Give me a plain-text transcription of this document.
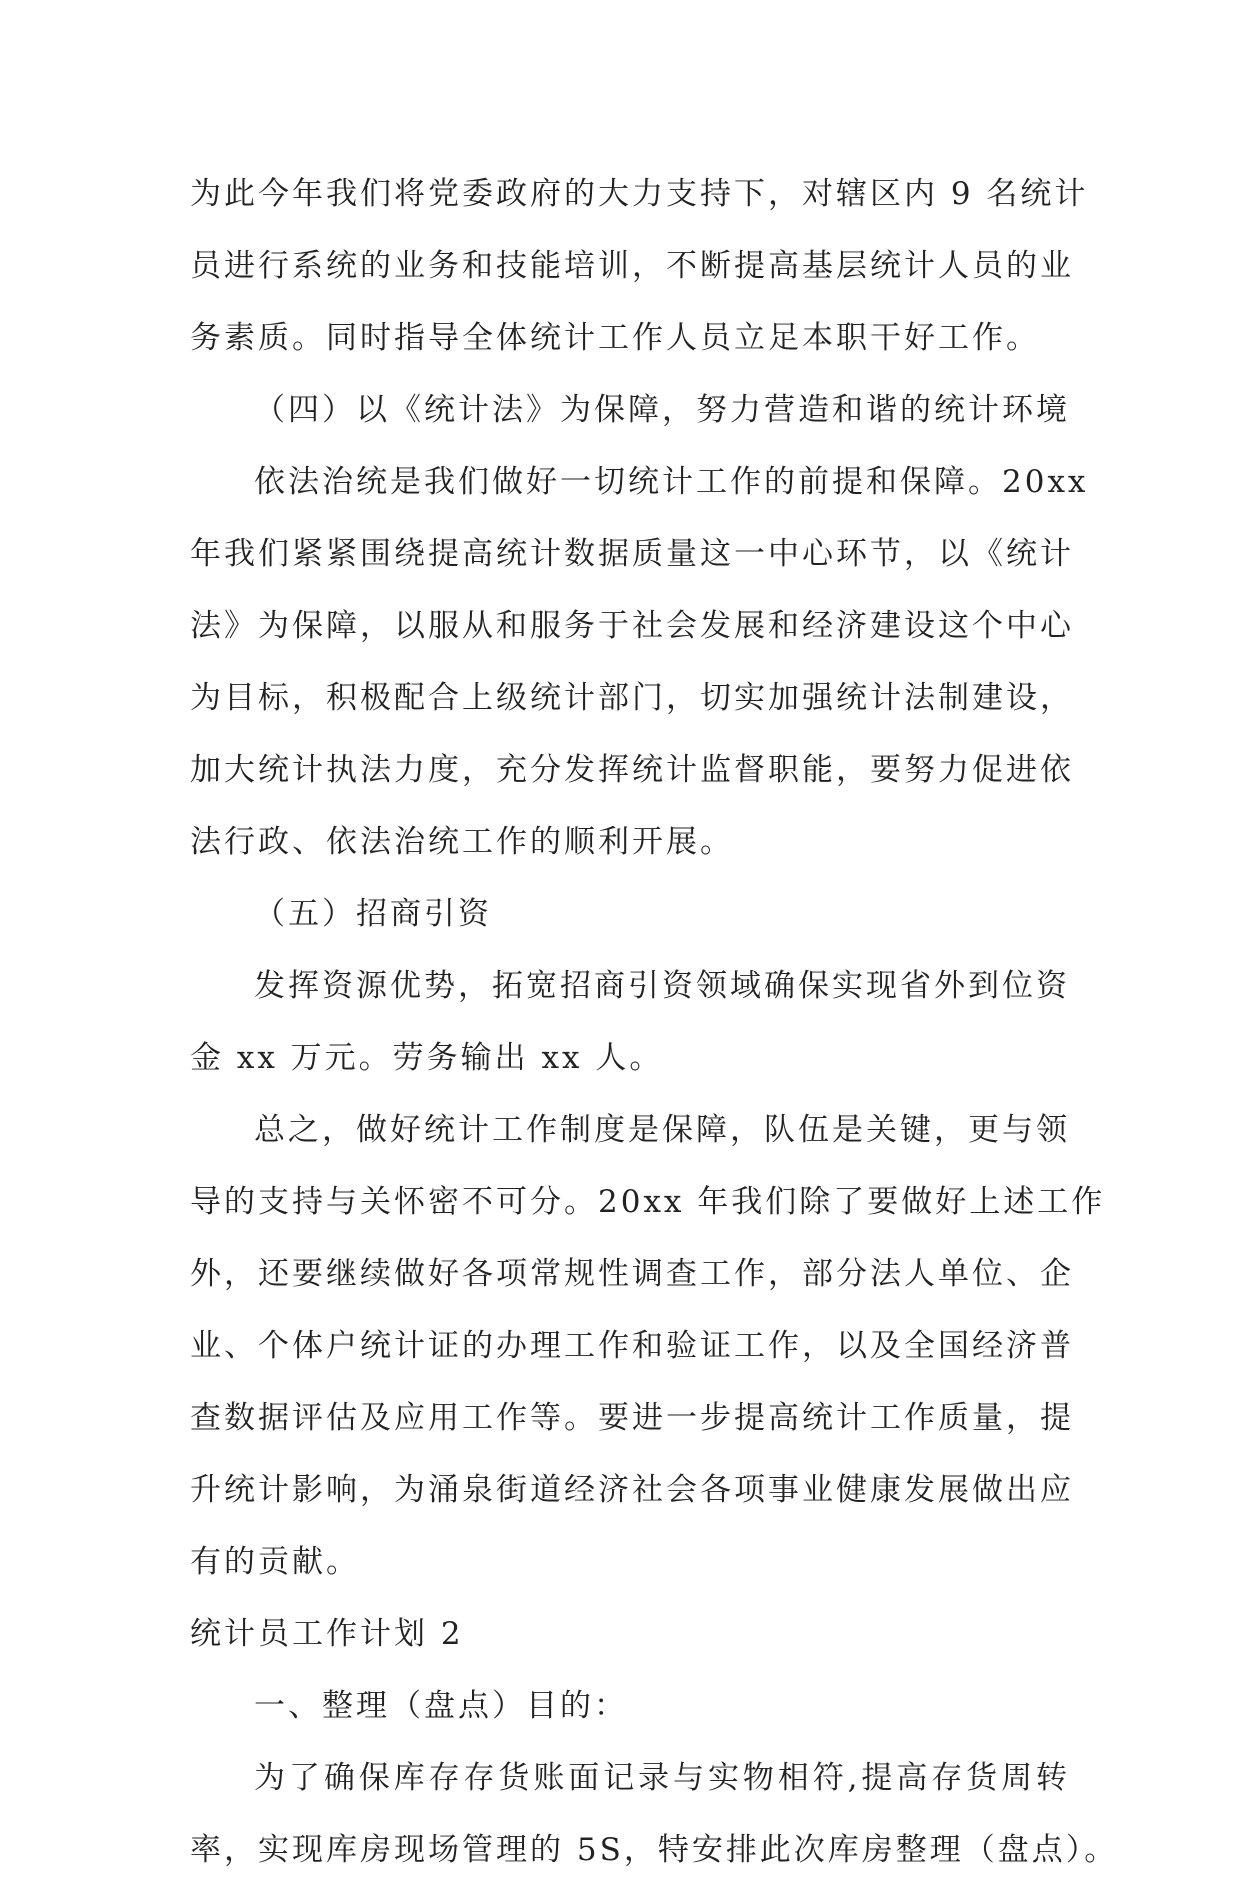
为此今年我们将党委政府的大力支持下，对辖区内 9 名统计
员进行系统的业务和技能培训，不断提高基层统计人员的业
务素质。同时指导全体统计工作人员立足本职干好工作。
（四）以《统计法》为保障，努力营造和谐的统计环境
依法治统是我们做好一切统计工作的前提和保障。20xx
年我们紧紧围绕提高统计数据质量这一中心环节，以《统计
法》为保障，以服从和服务于社会发展和经济建设这个中心
为目标，积极配合上级统计部门，切实加强统计法制建设，
加大统计执法力度，充分发挥统计监督职能，要努力促进依
法行政、依法治统工作的顺利开展。
（五）招商引资
发挥资源优势，拓宽招商引资领域确保实现省外到位资
金 xx 万元。劳务输出 xx 人。
总之，做好统计工作制度是保障，队伍是关键，更与领
导的支持与关怀密不可分。20xx 年我们除了要做好上述工作
外，还要继续做好各项常规性调查工作，部分法人单位、企
业、个体户统计证的办理工作和验证工作，以及全国经济普
查数据评估及应用工作等。要进一步提高统计工作质量，提
升统计影响，为涌泉街道经济社会各项事业健康发展做出应
有的贡献。
统计员工作计划 2
一、整理（盘点）目的：
为了确保库存存货账面记录与实物相符,提高存货周转
率，实现库房现场管理的 5S，特安排此次库房整理（盘点）。
